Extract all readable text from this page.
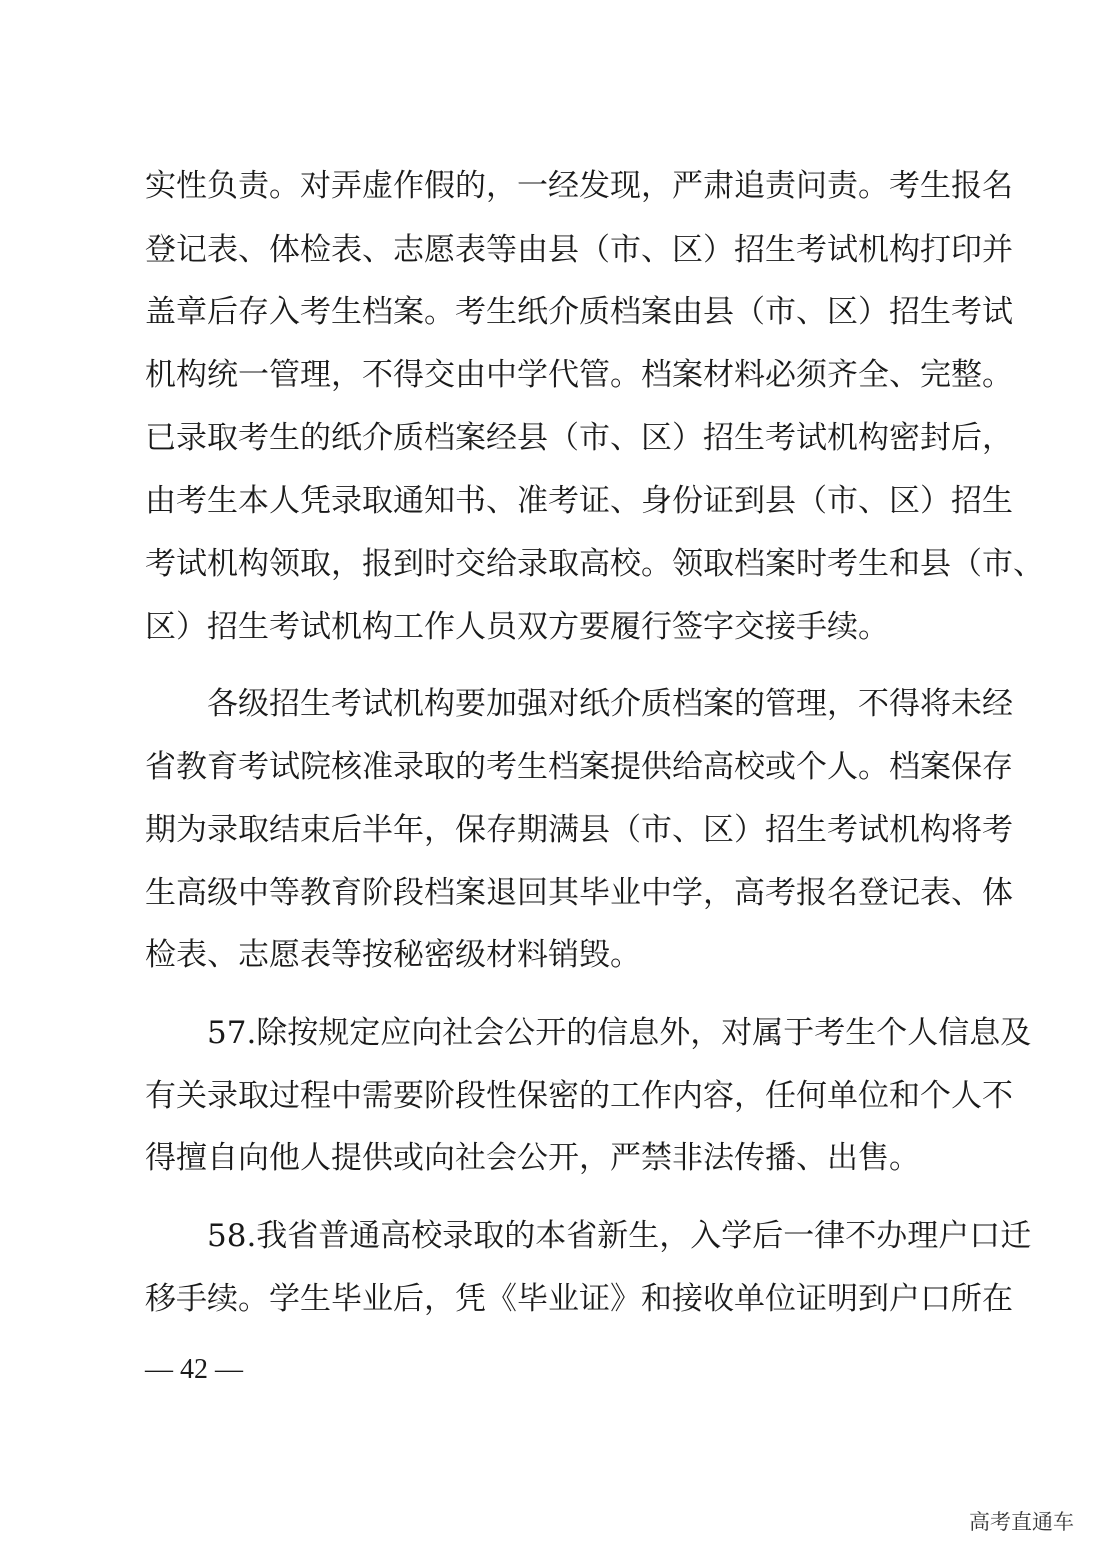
实性负责。对弄虚作假的，一经发现，严肃追责问责。考生报名
登记表、体检表、志愿表等由县（市、区）招生考试机构打印并
盖章后存入考生档案。考生纸介质档案由县（市、区）招生考试
机构统一管理，不得交由中学代管。档案材料必须齐全、完整。
已录取考生的纸介质档案经县（市、区）招生考试机构密封后，
由考生本人凭录取通知书、准考证、身份证到县（市、区）招生
考试机构领取，报到时交给录取高校。领取档案时考生和县（市、
区）招生考试机构工作人员双方要履行签字交接手续。
各级招生考试机构要加强对纸介质档案的管理，不得将未经
省教育考试院核准录取的考生档案提供给高校或个人。档案保存
期为录取结束后半年，保存期满县（市、区）招生考试机构将考
生高级中等教育阶段档案退回其毕业中学，高考报名登记表、体
检表、志愿表等按秘密级材料销毁。
57.除按规定应向社会公开的信息外，对属于考生个人信息及
有关录取过程中需要阶段性保密的工作内容，任何单位和个人不
得擅自向他人提供或向社会公开，严禁非法传播、出售。
58.我省普通高校录取的本省新生，入学后一律不办理户口迁
移手续。学生毕业后，凭《毕业证》和接收单位证明到户口所在
— 42 —
高考直通车
